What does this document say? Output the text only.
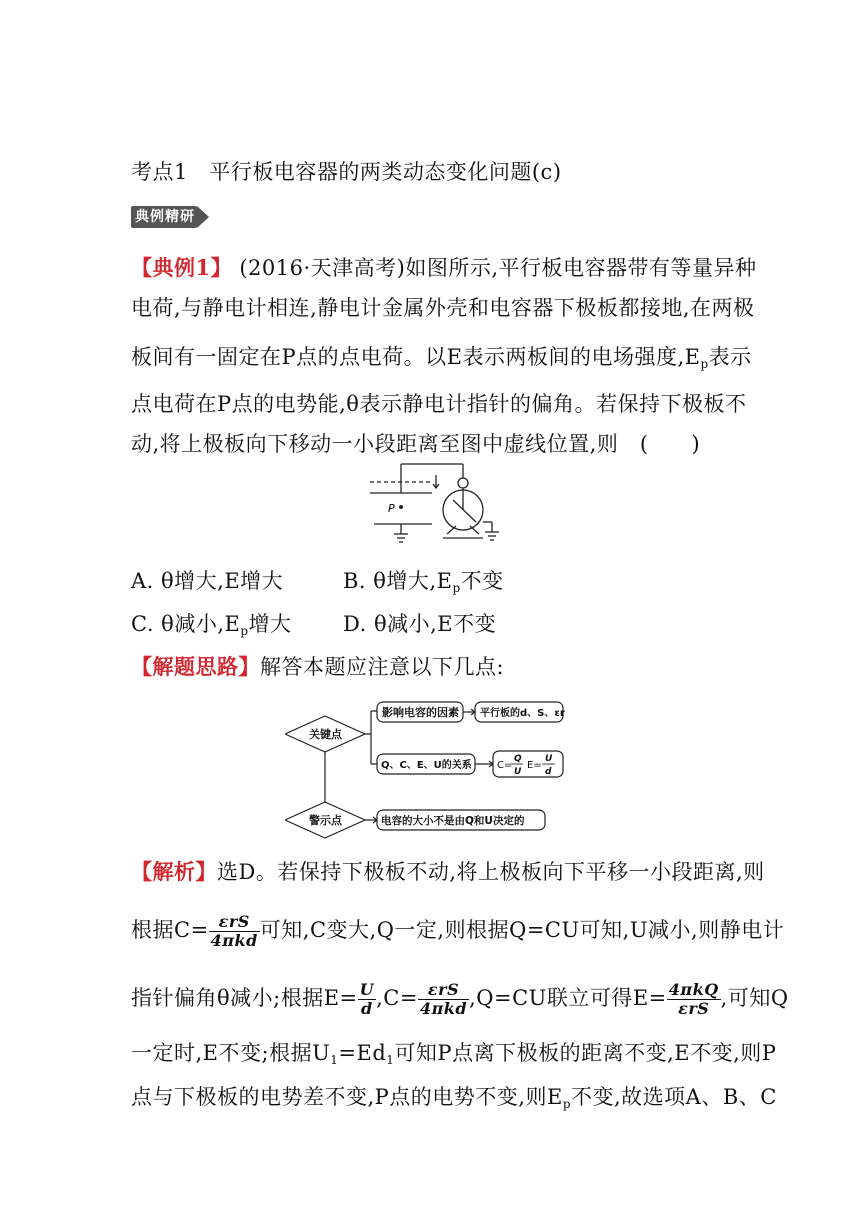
考点1　平行板电容器的两类动态变化问题(c)
典例精研
【典例1】 (2016·天津高考)如图所示,平行板电容器带有等量异种
电荷,与静电计相连,静电计金属外壳和电容器下极板都接地,在两极
板间有一固定在P点的点电荷。以E表示两板间的电场强度$,E_p$表示
点电荷在P点的电势能,θ表示静电计指针的偏角。若保持下极板不
动,将上极板向下移动一小段距离至图中虚线位置,则　(　　)
P
A. θ增大,E增大	B. θ增大$,E_p$不变
C. θ减小$,E_p$增大 D. θ减小,E不变
【解题思路】解答本题应注意以下几点:
关键点
警示点
影响电容的因素 平行板的d、S、εr
Q、C、E、U的关系
电容的大小不是由Q和U决定的
C=
Q
U
E=
U
d
【解析】选D。若保持下极板不动,将上极板向下平移一小段距离,则
根据$C= \frac{\text{εrS}}{\text{4πkd}}$ 可知,C变大,Q一定,则根据Q=CU可知,U减小,则静电计
指针偏角θ减小;根据$E= \frac{U}{d} ,C= \frac{\text{εrS}}{\text{4πkd}} ,Q=CU$联立可得$E= \frac{\text{4πkQ}}{\text{εrS}}$ ,可知Q
一定时,E不变;根据$U_1=Ed_1$可知P点离下极板的距离不变,E不变,则P
点与下极板的电势差不变,P点的电势不变,则$E_p$不变,故选项A、B、C
